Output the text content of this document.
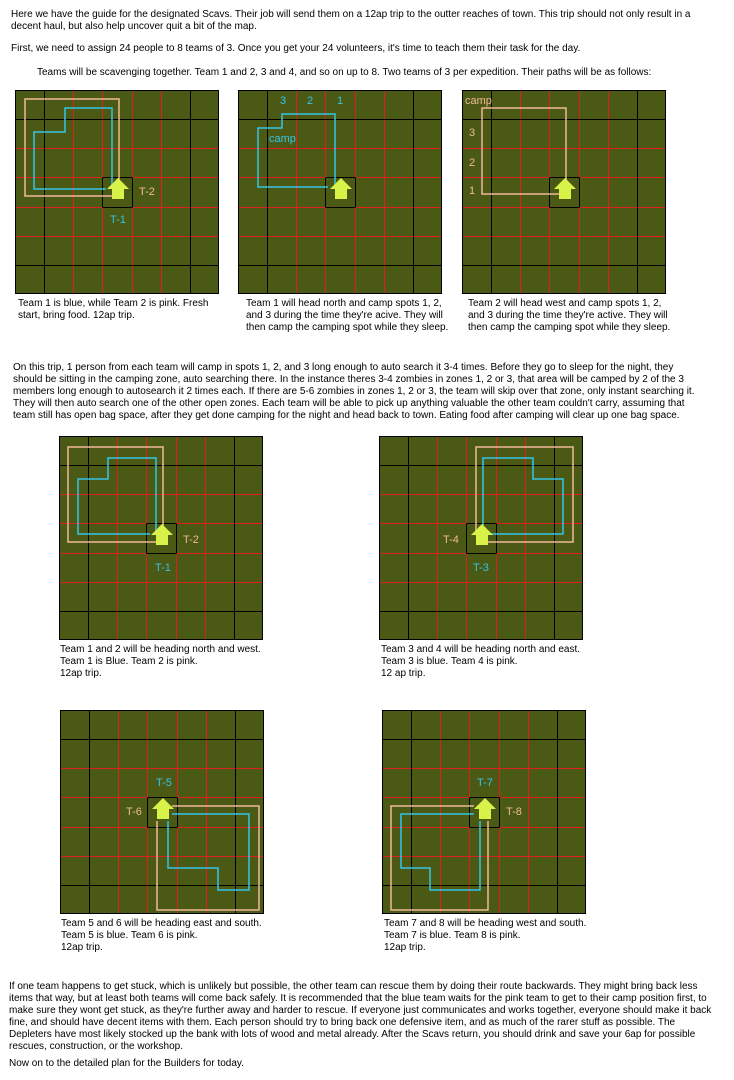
Here we have the guide for the designated Scavs. Their job will send them on a 12ap trip to the outter reaches of town. This trip should not only result in a

decent haul, but also help uncover quit a bit of the map.

First, we need to assign 24 people to 8 teams of 3. Once you get your 24 volunteers, it's time to teach them their task for the day.

Teams will be scavenging together. Team 1 and 2, 3 and 4, and so on up to 8. Two teams of 3 per expedition. Their paths will be as follows:

T-2
T-1
3 2 1
camp
camp
3
2
1

Team 1 is blue, while Team 2 is pink. Fresh
start, bring food. 12ap trip.

Team 1 will head north and camp spots 1, 2,
and 3 during the time they're acive. They will
then camp the camping spot while they sleep.

Team 2 will head west and camp spots 1, 2,
and 3 during the time they're active. They will
then camp the camping spot while they sleep.

On this trip, 1 person from each team will camp in spots 1, 2, and 3 long enough to auto search it 3-4 times. Before they go to sleep for the night, they
should be sitting in the camping zone, auto searching there. In the instance theres 3-4 zombies in zones 1, 2 or 3, that area will be camped by 2 of the 3
members long enough to autosearch it 2 times each. If there are 5-6 zombies in zones 1, 2 or 3, the team will skip over that zone, only instant searching it.
They will then auto search one of the other open zones. Each team will be able to pick up anything valuable the other team couldn't carry, assuming that
team still has open bag space, after they get done camping for the night and head back to town. Eating food after camping will clear up one bag space.

T-2
T-1
T-4
T-3

Team 1 and 2 will be heading north and west.
Team 1 is Blue. Team 2 is pink.
12ap trip.

Team 3 and 4 will be heading north and east.
Team 3 is blue. Team 4 is pink.
12 ap trip.

T-5
T-6
T-7
T-8

Team 5 and 6 will be heading east and south.
Team 5 is blue. Team 6 is pink.
12ap trip.

Team 7 and 8 will be heading west and south.
Team 7 is blue. Team 8 is pink.
12ap trip.

If one team happens to get stuck, which is unlikely but possible, the other team can rescue them by doing their route backwards. They might bring back less
items that way, but at least both teams will come back safely. It is recommended that the blue team waits for the pink team to get to their camp position first, to
make sure they wont get stuck, as they're further away and harder to rescue. If everyone just communicates and works together, everyone should make it back
fine, and should have decent items with them. Each person should try to bring back one defensive item, and as much of the rarer stuff as possible. The
Depleters have most likely stocked up the bank with lots of wood and metal already. After the Scavs return, you should drink and save your 6ap for possible
rescues, construction, or the workshop.

Now on to the detailed plan for the Builders for today.
